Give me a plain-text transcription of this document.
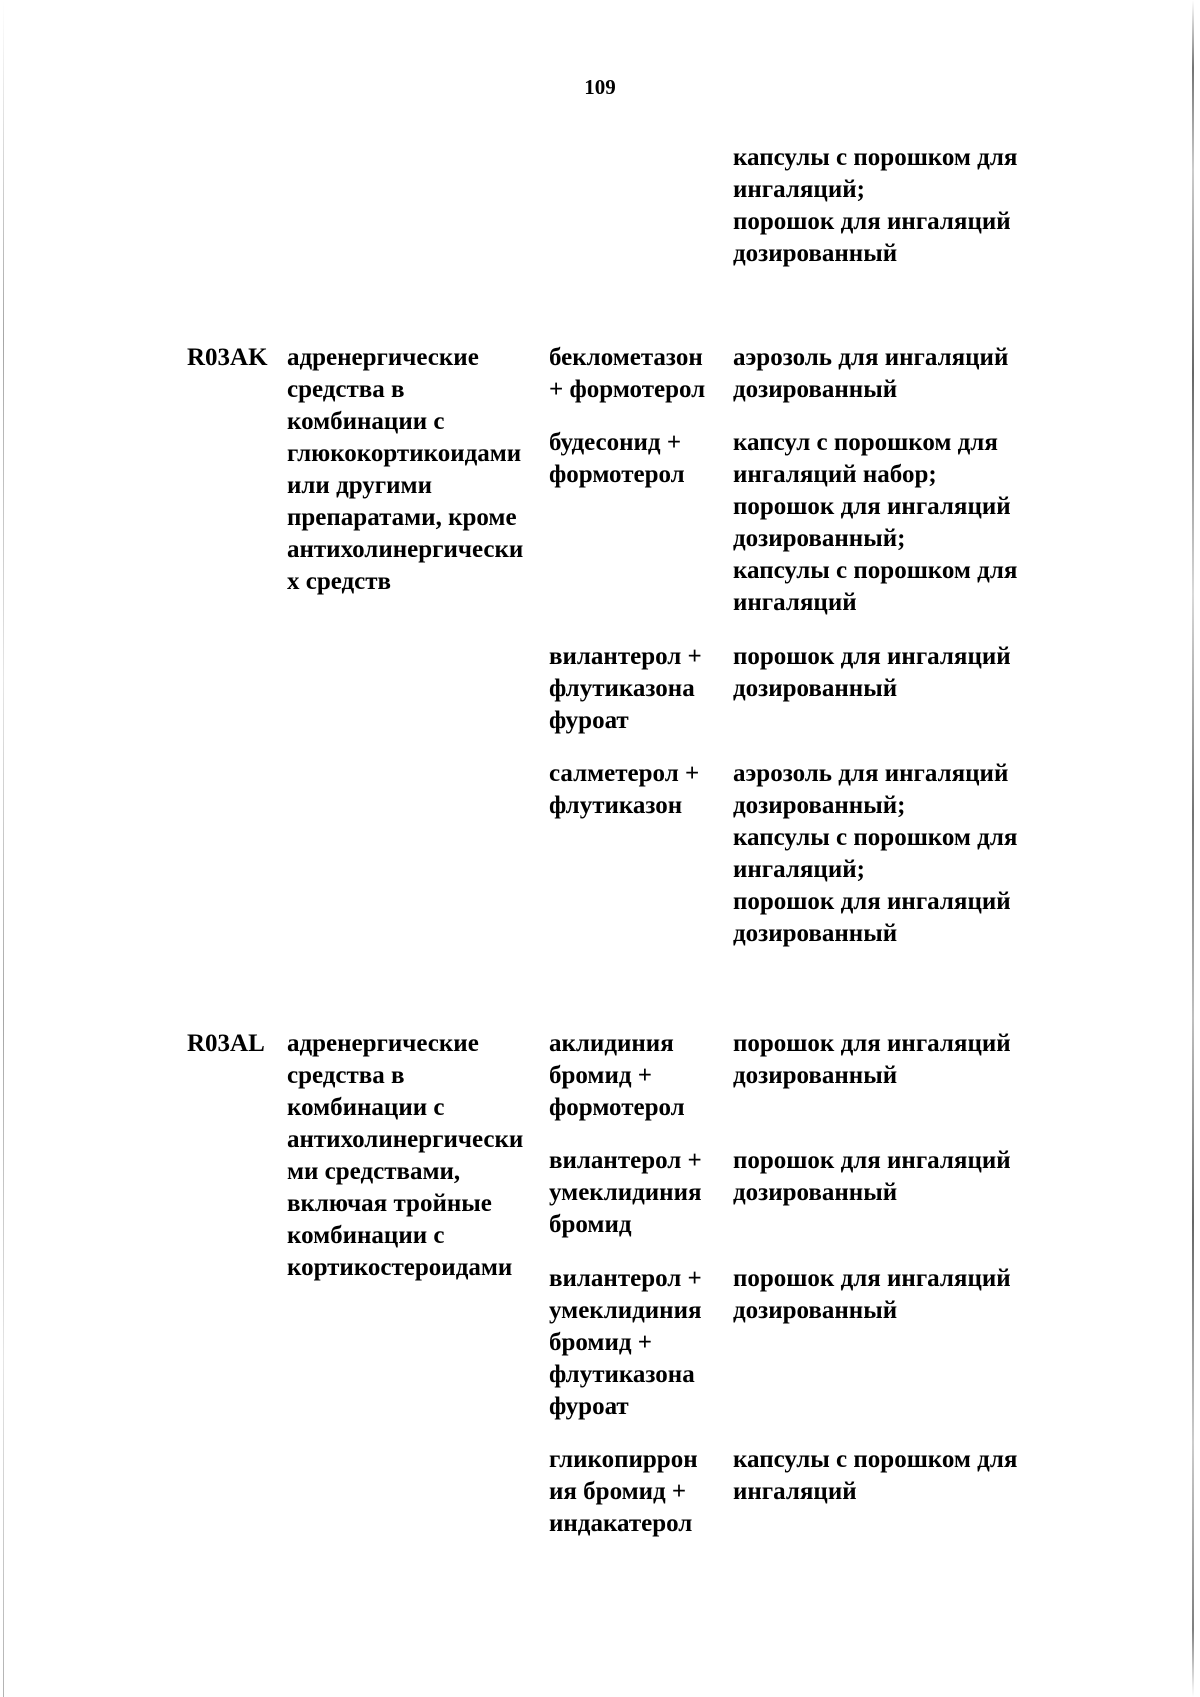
109
капсулы с порошком для
ингаляций;
порошок для ингаляций
дозированный
R03AK адренергические
средства в
комбинации с
глюкокортикоидами
или другими
препаратами, кроме
антихолинергически
х средств
беклометазон
+ формотерол
аэрозоль для ингаляций
дозированный
будесонид +
формотерол
капсул с порошком для
ингаляций набор;
порошок для ингаляций
дозированный;
капсулы с порошком для
ингаляций
вилантерол +
флутиказона
фуроат
порошок для ингаляций
дозированный
салметерол +
флутиказон
аэрозоль для ингаляций
дозированный;
капсулы с порошком для
ингаляций;
порошок для ингаляций
дозированный
R03AL адренергические
средства в
комбинации с
антихолинергически
ми средствами,
включая тройные
комбинации с
кортикостероидами
аклидиния
бромид +
формотерол
порошок для ингаляций
дозированный
вилантерол +
умеклидиния
бромид
порошок для ингаляций
дозированный
вилантерол +
умеклидиния
бромид +
флутиказона
фуроат
порошок для ингаляций
дозированный
гликопиррон
ия бромид +
индакатерол
капсулы с порошком для
ингаляций
